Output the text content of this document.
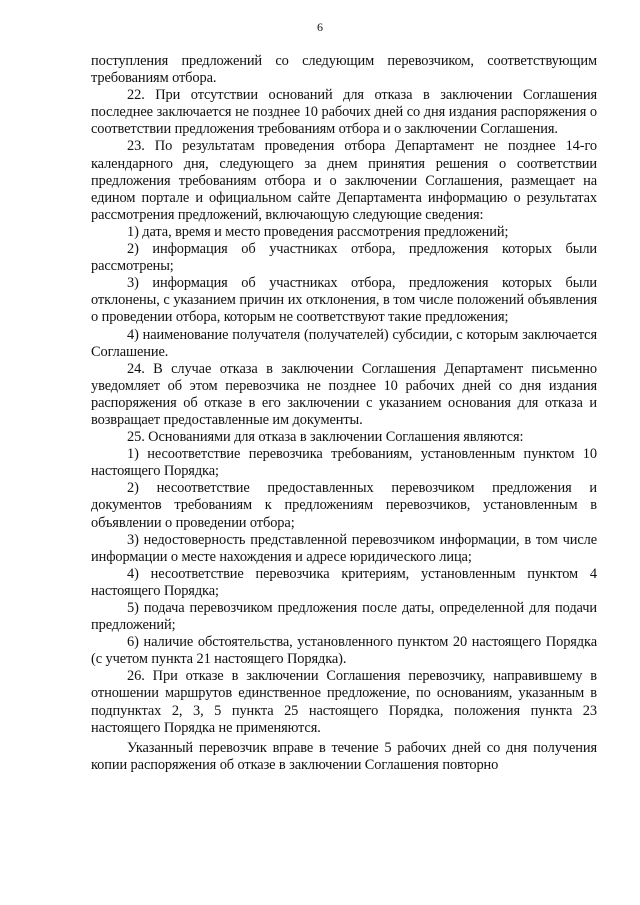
6

поступления предложений со следующим перевозчиком, соответствующим требованиям отбора.

22. При отсутствии оснований для отказа в заключении Соглашения последнее заключается не позднее 10 рабочих дней со дня издания распоряжения о соответствии предложения требованиям отбора и о заключении Соглашения.

23. По результатам проведения отбора Департамент не позднее 14-го календарного дня, следующего за днем принятия решения о соответствии предложения требованиям отбора и о заключении Соглашения, размещает на едином портале и официальном сайте Департамента информацию о результатах рассмотрения предложений, включающую следующие сведения:

1) дата, время и место проведения рассмотрения предложений;

2) информация об участниках отбора, предложения которых были рассмотрены;

3) информация об участниках отбора, предложения которых были отклонены, с указанием причин их отклонения, в том числе положений объявления о проведении отбора, которым не соответствуют такие предложения;

4) наименование получателя (получателей) субсидии, с которым заключается Соглашение.

24. В случае отказа в заключении Соглашения Департамент письменно уведомляет об этом перевозчика не позднее 10 рабочих дней со дня издания распоряжения об отказе в его заключении с указанием основания для отказа и возвращает предоставленные им документы.

25. Основаниями для отказа в заключении Соглашения являются:

1) несоответствие перевозчика требованиям, установленным пунктом 10 настоящего Порядка;

2) несоответствие предоставленных перевозчиком предложения и документов требованиям к предложениям перевозчиков, установленным в объявлении о проведении отбора;

3) недостоверность представленной перевозчиком информации, в том числе информации о месте нахождения и адресе юридического лица;

4) несоответствие перевозчика критериям, установленным пунктом 4 настоящего Порядка;

5) подача перевозчиком предложения после даты, определенной для подачи предложений;

6) наличие обстоятельства, установленного пунктом 20 настоящего Порядка (с учетом пункта 21 настоящего Порядка).

26. При отказе в заключении Соглашения перевозчику, направившему в отношении маршрутов единственное предложение, по основаниям, указанным в подпунктах 2, 3, 5 пункта 25 настоящего Порядка, положения пункта 23 настоящего Порядка не применяются.

Указанный перевозчик вправе в течение 5 рабочих дней со дня получения копии распоряжения об отказе в заключении Соглашения повторно
